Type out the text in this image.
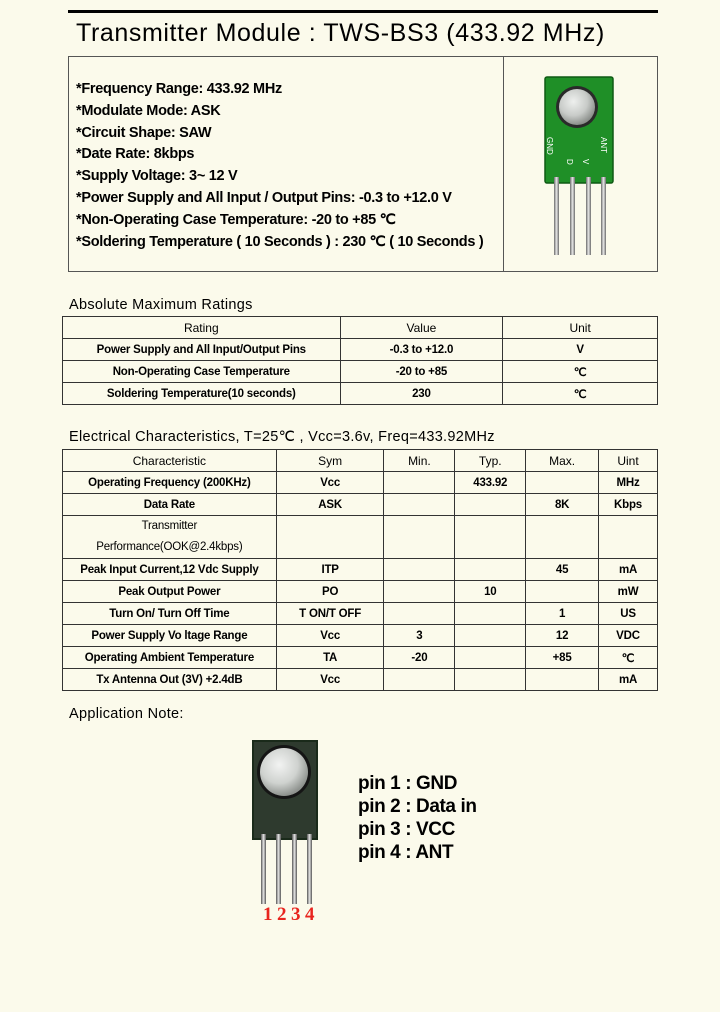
Transmitter Module : TWS-BS3 (433.92 MHz)
*Frequency Range: 433.92 MHz
*Modulate Mode: ASK
*Circuit Shape: SAW
*Date Rate: 8kbps
*Supply Voltage: 3~ 12 V
*Power Supply and All Input / Output Pins: -0.3 to +12.0 V
*Non-Operating Case Temperature: -20 to +85 ℃
*Soldering Temperature ( 10 Seconds ) : 230 ℃ ( 10 Seconds )
GND
D V
ANT
Absolute Maximum Ratings
Rating	Value	Unit
Power Supply and All Input/Output Pins	-0.3 to +12.0	V
Non-Operating Case Temperature	-20 to +85	℃
Soldering Temperature(10 seconds)	230	℃
Electrical Characteristics, T=25℃ , Vcc=3.6v, Freq=433.92MHz
Characteristic	Sym	Min.	Typ.	Max.	Uint
Operating Frequency (200KHz)	Vcc		433.92		MHz
Data Rate	ASK			8K	Kbps
Transmitter
Performance(OOK@2.4kbps)					
Peak Input Current,12 Vdc Supply	ITP			45	mA
Peak Output Power	PO		10		mW
Turn On/ Turn Off Time	T ON/T OFF			1	US
Power Supply Vo ltage Range	Vcc	3		12	VDC
Operating Ambient Temperature	TA	-20		+85	℃
Tx Antenna Out (3V) +2.4dB	Vcc				mA
Application Note:
pin 1 : GND
pin 2 : Data in
pin 3 : VCC
pin 4 : ANT
1234
